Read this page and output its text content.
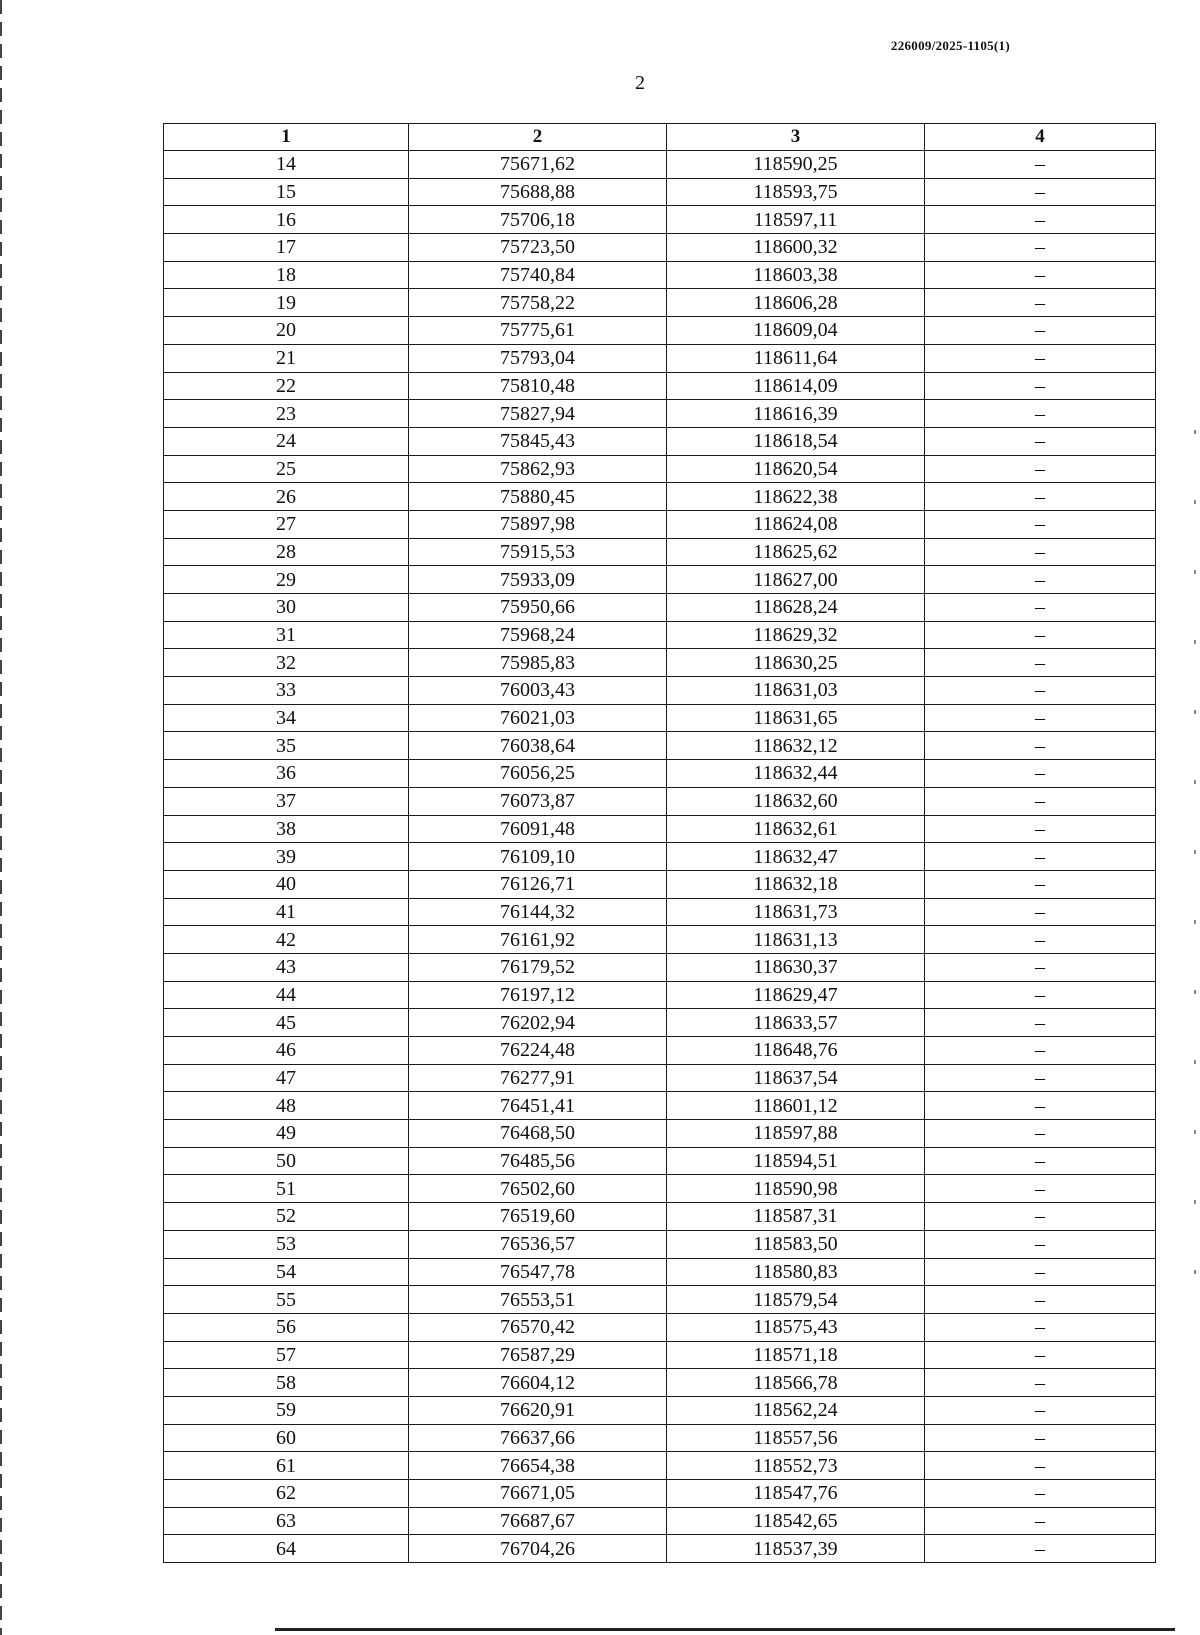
226009/2025-1105(1)
2
1	2	3	4
14	75671,62	118590,25	–
15	75688,88	118593,75	–
16	75706,18	118597,11	–
17	75723,50	118600,32	–
18	75740,84	118603,38	–
19	75758,22	118606,28	–
20	75775,61	118609,04	–
21	75793,04	118611,64	–
22	75810,48	118614,09	–
23	75827,94	118616,39	–
24	75845,43	118618,54	–
25	75862,93	118620,54	–
26	75880,45	118622,38	–
27	75897,98	118624,08	–
28	75915,53	118625,62	–
29	75933,09	118627,00	–
30	75950,66	118628,24	–
31	75968,24	118629,32	–
32	75985,83	118630,25	–
33	76003,43	118631,03	–
34	76021,03	118631,65	–
35	76038,64	118632,12	–
36	76056,25	118632,44	–
37	76073,87	118632,60	–
38	76091,48	118632,61	–
39	76109,10	118632,47	–
40	76126,71	118632,18	–
41	76144,32	118631,73	–
42	76161,92	118631,13	–
43	76179,52	118630,37	–
44	76197,12	118629,47	–
45	76202,94	118633,57	–
46	76224,48	118648,76	–
47	76277,91	118637,54	–
48	76451,41	118601,12	–
49	76468,50	118597,88	–
50	76485,56	118594,51	–
51	76502,60	118590,98	–
52	76519,60	118587,31	–
53	76536,57	118583,50	–
54	76547,78	118580,83	–
55	76553,51	118579,54	–
56	76570,42	118575,43	–
57	76587,29	118571,18	–
58	76604,12	118566,78	–
59	76620,91	118562,24	–
60	76637,66	118557,56	–
61	76654,38	118552,73	–
62	76671,05	118547,76	–
63	76687,67	118542,65	–
64	76704,26	118537,39	–
